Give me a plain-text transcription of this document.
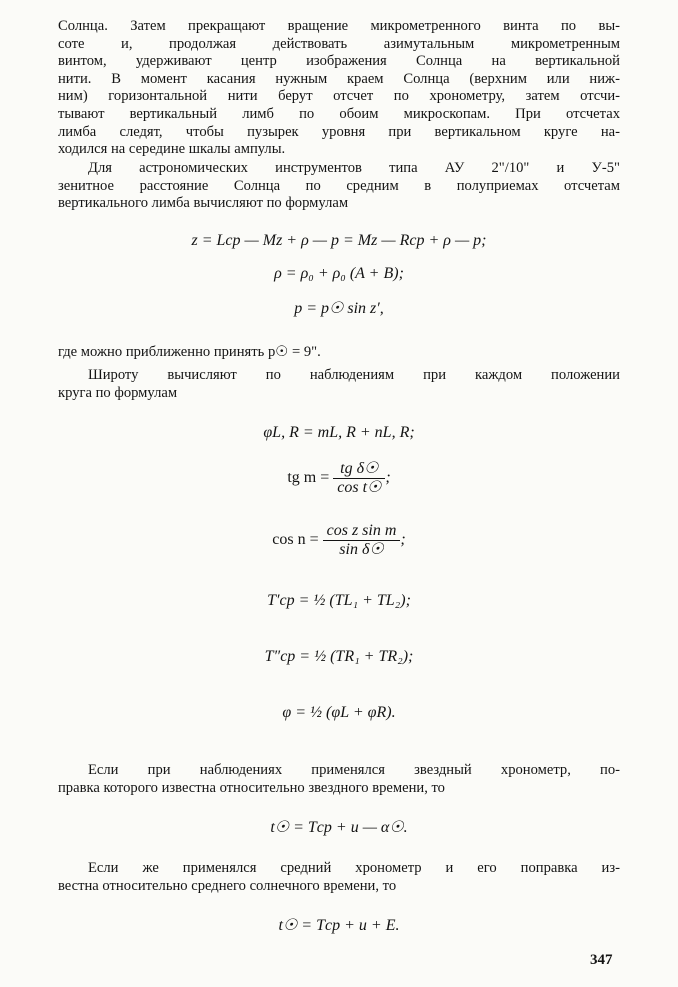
Солнца. Затем прекращают вращение микрометренного винта по вы-
соте и, продолжая действовать азимутальным микрометренным
винтом, удерживают центр изображения Солнца на вертикальной
нити. В момент касания нужным краем Солнца (верхним или ниж-
ним) горизонтальной нити берут отсчет по хронометру, затем отсчи-
тывают вертикальный лимб по обоим микроскопам. При отсчетах
лимба следят, чтобы пузырек уровня при вертикальном круге на-
ходился на середине шкалы ампулы.
Для астрономических инструментов типа АУ 2"/10" и У-5"
зенитное расстояние Солнца по средним в полуприемах отсчетам
вертикального лимба вычисляют по формулам
z = Lср — Mz + ρ — p = Mz — Rср + ρ — p;
ρ = ρ₀ + ρ₀ (A + B);
p = p☉ sin z′,
где можно приближенно принять p☉ = 9".
Широту вычисляют по наблюдениям при каждом положении
круга по формулам
φL, R = mL, R + nL, R;
tg $m = \frac{\text{tg δ☉}}{\text{cos t☉}}$ ;
$\cos n = \frac{\text{cos z sin m}}{\text{sin δ☉}}$ ;
T′ср = ½ (TL₁ + TL₂);
T″ср = ½ (TR₁ + TR₂);
φ = ½ (φL + φR).
Если при наблюдениях применялся звездный хронометр, по-
правка которого известна относительно звездного времени, то
t☉ = Tср + u — α☉.
Если же применялся средний хронометр и его поправка из-
вестна относительно среднего солнечного времени, то
t☉ = Tср + u + E.
347
